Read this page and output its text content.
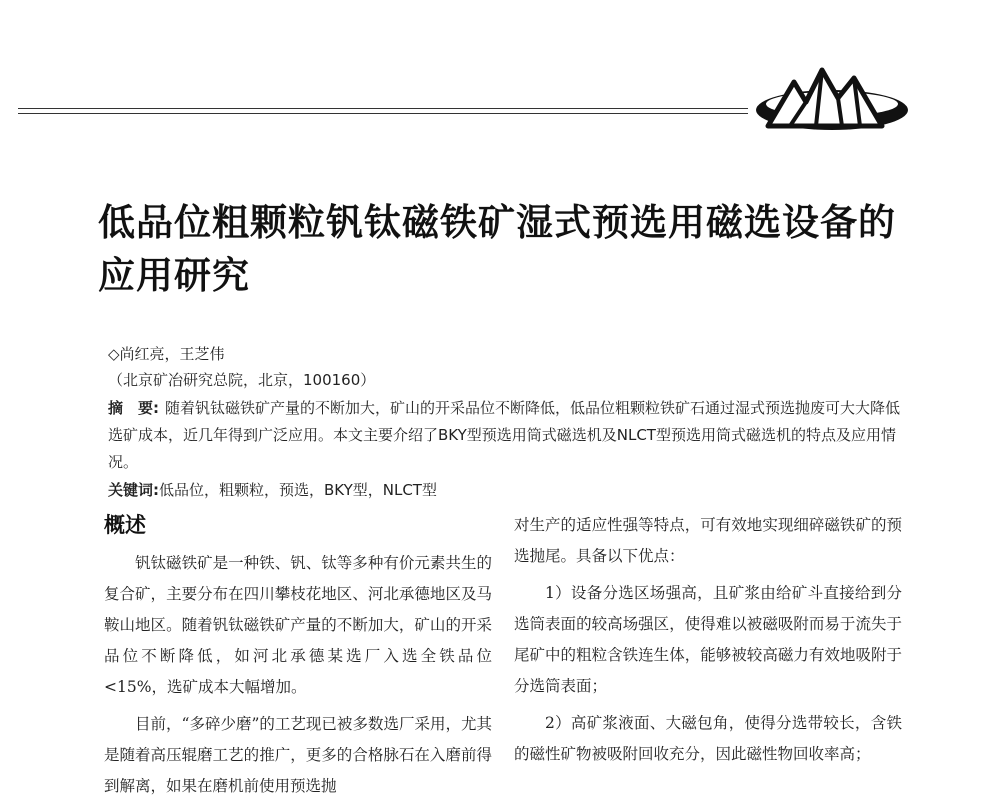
低品位粗颗粒钒钛磁铁矿湿式预选用磁选设备的应用研究
◇尚红亮，王芝伟
（北京矿冶研究总院，北京，100160）

摘　要: 随着钒钛磁铁矿产量的不断加大，矿山的开采品位不断降低，低品位粗颗粒铁矿石通过湿式预选抛废可大大降低选矿成本，近几年得到广泛应用。本文主要介绍了BKY型预选用筒式磁选机及NLCT型预选用筒式磁选机的特点及应用情况。

关键词:低品位，粗颗粒，预选，BKY型，NLCT型
概述

钒钛磁铁矿是一种铁、钒、钛等多种有价元素共生的复合矿，主要分布在四川攀枝花地区、河北承德地区及马鞍山地区。随着钒钛磁铁矿产量的不断加大，矿山的开采品位不断降低，如河北承德某选厂入选全铁品位<15%，选矿成本大幅增加。

目前，“多碎少磨”的工艺现已被多数选厂采用，尤其是随着高压辊磨工艺的推广，更多的合格脉石在入磨前得到解离，如果在磨机前使用预选抛

对生产的适应性强等特点，可有效地实现细碎磁铁矿的预选抛尾。具备以下优点：

1）设备分选区场强高，且矿浆由给矿斗直接给到分选筒表面的较高场强区，使得难以被磁吸附而易于流失于尾矿中的粗粒含铁连生体，能够被较高磁力有效地吸附于分选筒表面；

2）高矿浆液面、大磁包角，使得分选带较长，含铁的磁性矿物被吸附回收充分，因此磁性物回收率高；
